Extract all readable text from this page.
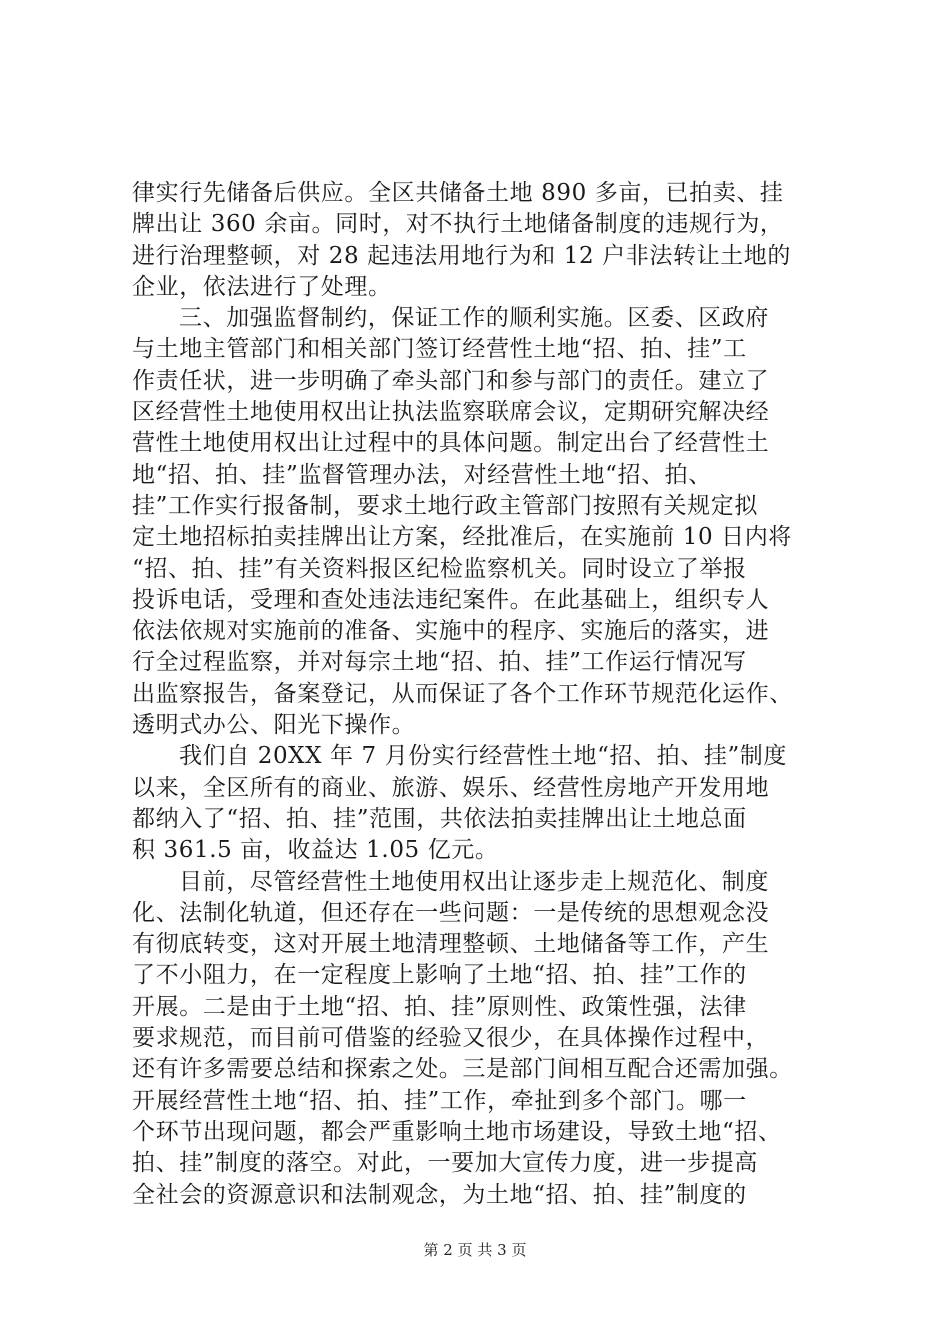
律实行先储备后供应。全区共储备土地 890 多亩，已拍卖、挂
牌出让 360 余亩。同时，对不执行土地储备制度的违规行为，
进行治理整顿，对 28 起违法用地行为和 12 户非法转让土地的
企业，依法进行了处理。
三、加强监督制约，保证工作的顺利实施。区委、区政府
与土地主管部门和相关部门签订经营性土地“招、拍、挂”工
作责任状，进一步明确了牵头部门和参与部门的责任。建立了
区经营性土地使用权出让执法监察联席会议，定期研究解决经
营性土地使用权出让过程中的具体问题。制定出台了经营性土
地“招、拍、挂”监督管理办法，对经营性土地“招、拍、
挂”工作实行报备制，要求土地行政主管部门按照有关规定拟
定土地招标拍卖挂牌出让方案，经批准后，在实施前 10 日内将
“招、拍、挂”有关资料报区纪检监察机关。同时设立了举报
投诉电话，受理和查处违法违纪案件。在此基础上，组织专人
依法依规对实施前的准备、实施中的程序、实施后的落实，进
行全过程监察，并对每宗土地“招、拍、挂”工作运行情况写
出监察报告，备案登记，从而保证了各个工作环节规范化运作、
透明式办公、阳光下操作。
我们自 20XX 年 7 月份实行经营性土地“招、拍、挂”制度
以来，全区所有的商业、旅游、娱乐、经营性房地产开发用地
都纳入了“招、拍、挂”范围，共依法拍卖挂牌出让土地总面
积 361.5 亩，收益达 1.05 亿元。
目前，尽管经营性土地使用权出让逐步走上规范化、制度
化、法制化轨道，但还存在一些问题：一是传统的思想观念没
有彻底转变，这对开展土地清理整顿、土地储备等工作，产生
了不小阻力，在一定程度上影响了土地“招、拍、挂”工作的
开展。二是由于土地“招、拍、挂”原则性、政策性强，法律
要求规范，而目前可借鉴的经验又很少，在具体操作过程中，
还有许多需要总结和探索之处。三是部门间相互配合还需加强。
开展经营性土地“招、拍、挂”工作，牵扯到多个部门。哪一
个环节出现问题，都会严重影响土地市场建设，导致土地“招、
拍、挂”制度的落空。对此，一要加大宣传力度，进一步提高
全社会的资源意识和法制观念，为土地“招、拍、挂”制度的
第 2 页 共 3 页
